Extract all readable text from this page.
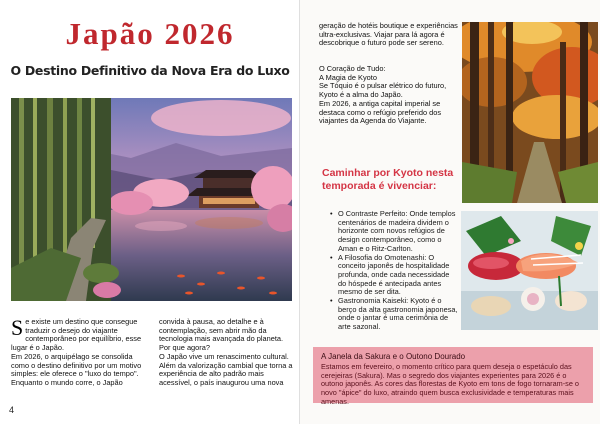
Japão 2026
O Destino Definitivo da Nova Era do Luxo
S e existe um destino que consegue traduzir o desejo do viajante contemporâneo por equilíbrio, esse lugar é o Japão.

Em 2026, o arquipélago se consolida como o destino definitivo por um motivo simples: ele oferece o "luxo do tempo". Enquanto o mundo corre, o Japão

convida à pausa, ao detalhe e à contemplação, sem abrir mão da tecnologia mais avançada do planeta. Por que agora?

O Japão vive um renascimento cultural. Além da valorização cambial que torna a experiência de alto padrão mais acessível, o país inaugurou uma nova

4

geração de hotéis boutique e experiências ultra-exclusivas. Viajar para lá agora é descobrique o futuro pode ser sereno.

O Coração de Tudo:

A Magia de Kyoto

Se Tóquio é o pulsar elétrico do futuro, Kyoto é a alma do Japão.

Em 2026, a antiga capital imperial se destaca como o refúgio preferido dos viajantes da Agenda do Viajante.

Caminhar por Kyoto nesta temporada é vivenciar:

• O Contraste Perfeito: Onde templos centenários de madeira dividem o horizonte com novos refúgios de design contemporâneo, como o Aman e o Ritz-Carlton.
• A Filosofia do Omotenashi: O conceito japonês de hospitalidade profunda, onde cada necessidade do hóspede é antecipada antes mesmo de ser dita.
• Gastronomia Kaiseki: Kyoto é o berço da alta gastronomia japonesa, onde o jantar é uma cerimônia de arte sazonal.

A Janela da Sakura e o Outono Dourado

Estamos em fevereiro, o momento crítico para quem deseja o espetáculo das cerejeiras (Sakura). Mas o segredo dos viajantes experientes para 2026 é o outono japonês. As cores das florestas de Kyoto em tons de fogo tornaram-se o novo "ápice" do luxo, atraindo quem busca exclusividade e temperaturas mais amenas.
